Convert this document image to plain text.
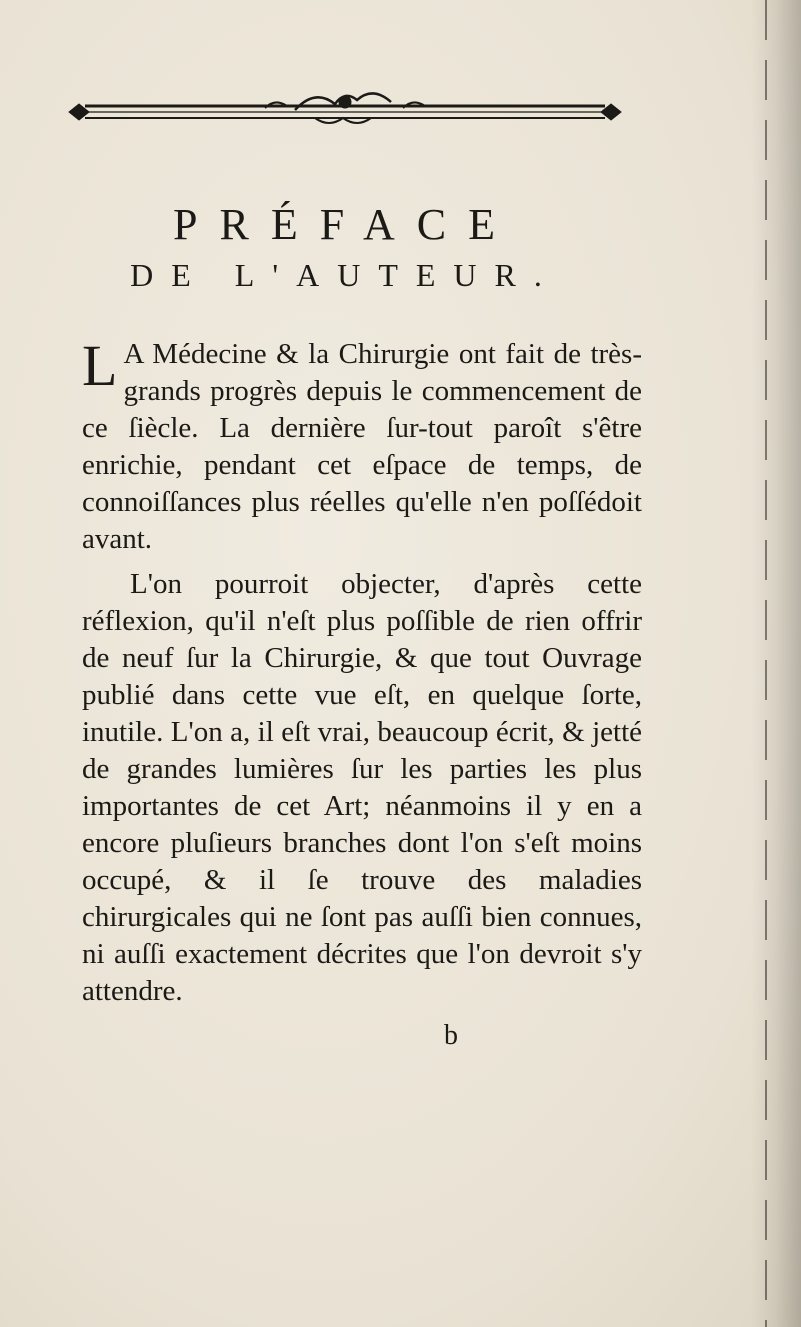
PRÉFACE
DE L'AUTEUR.
L A Médecine & la Chirurgie ont fait de très-grands progrès depuis le commencement de ce ſiècle. La dernière ſur-tout paroît s'être enrichie, pendant cet eſpace de temps, de connoiſſances plus réelles qu'elle n'en poſſédoit avant.
L'on pourroit objecter, d'après cette réflexion, qu'il n'eſt plus poſſible de rien offrir de neuf ſur la Chirurgie, & que tout Ouvrage publié dans cette vue eſt, en quelque ſorte, inutile. L'on a, il eſt vrai, beaucoup écrit, & jetté de grandes lumières ſur les parties les plus importantes de cet Art; néanmoins il y en a encore pluſieurs branches dont l'on s'eſt moins occupé, & il ſe trouve des maladies chirurgicales qui ne ſont pas auſſi bien connues, ni auſſi exactement décrites que l'on devroit s'y attendre.
b
